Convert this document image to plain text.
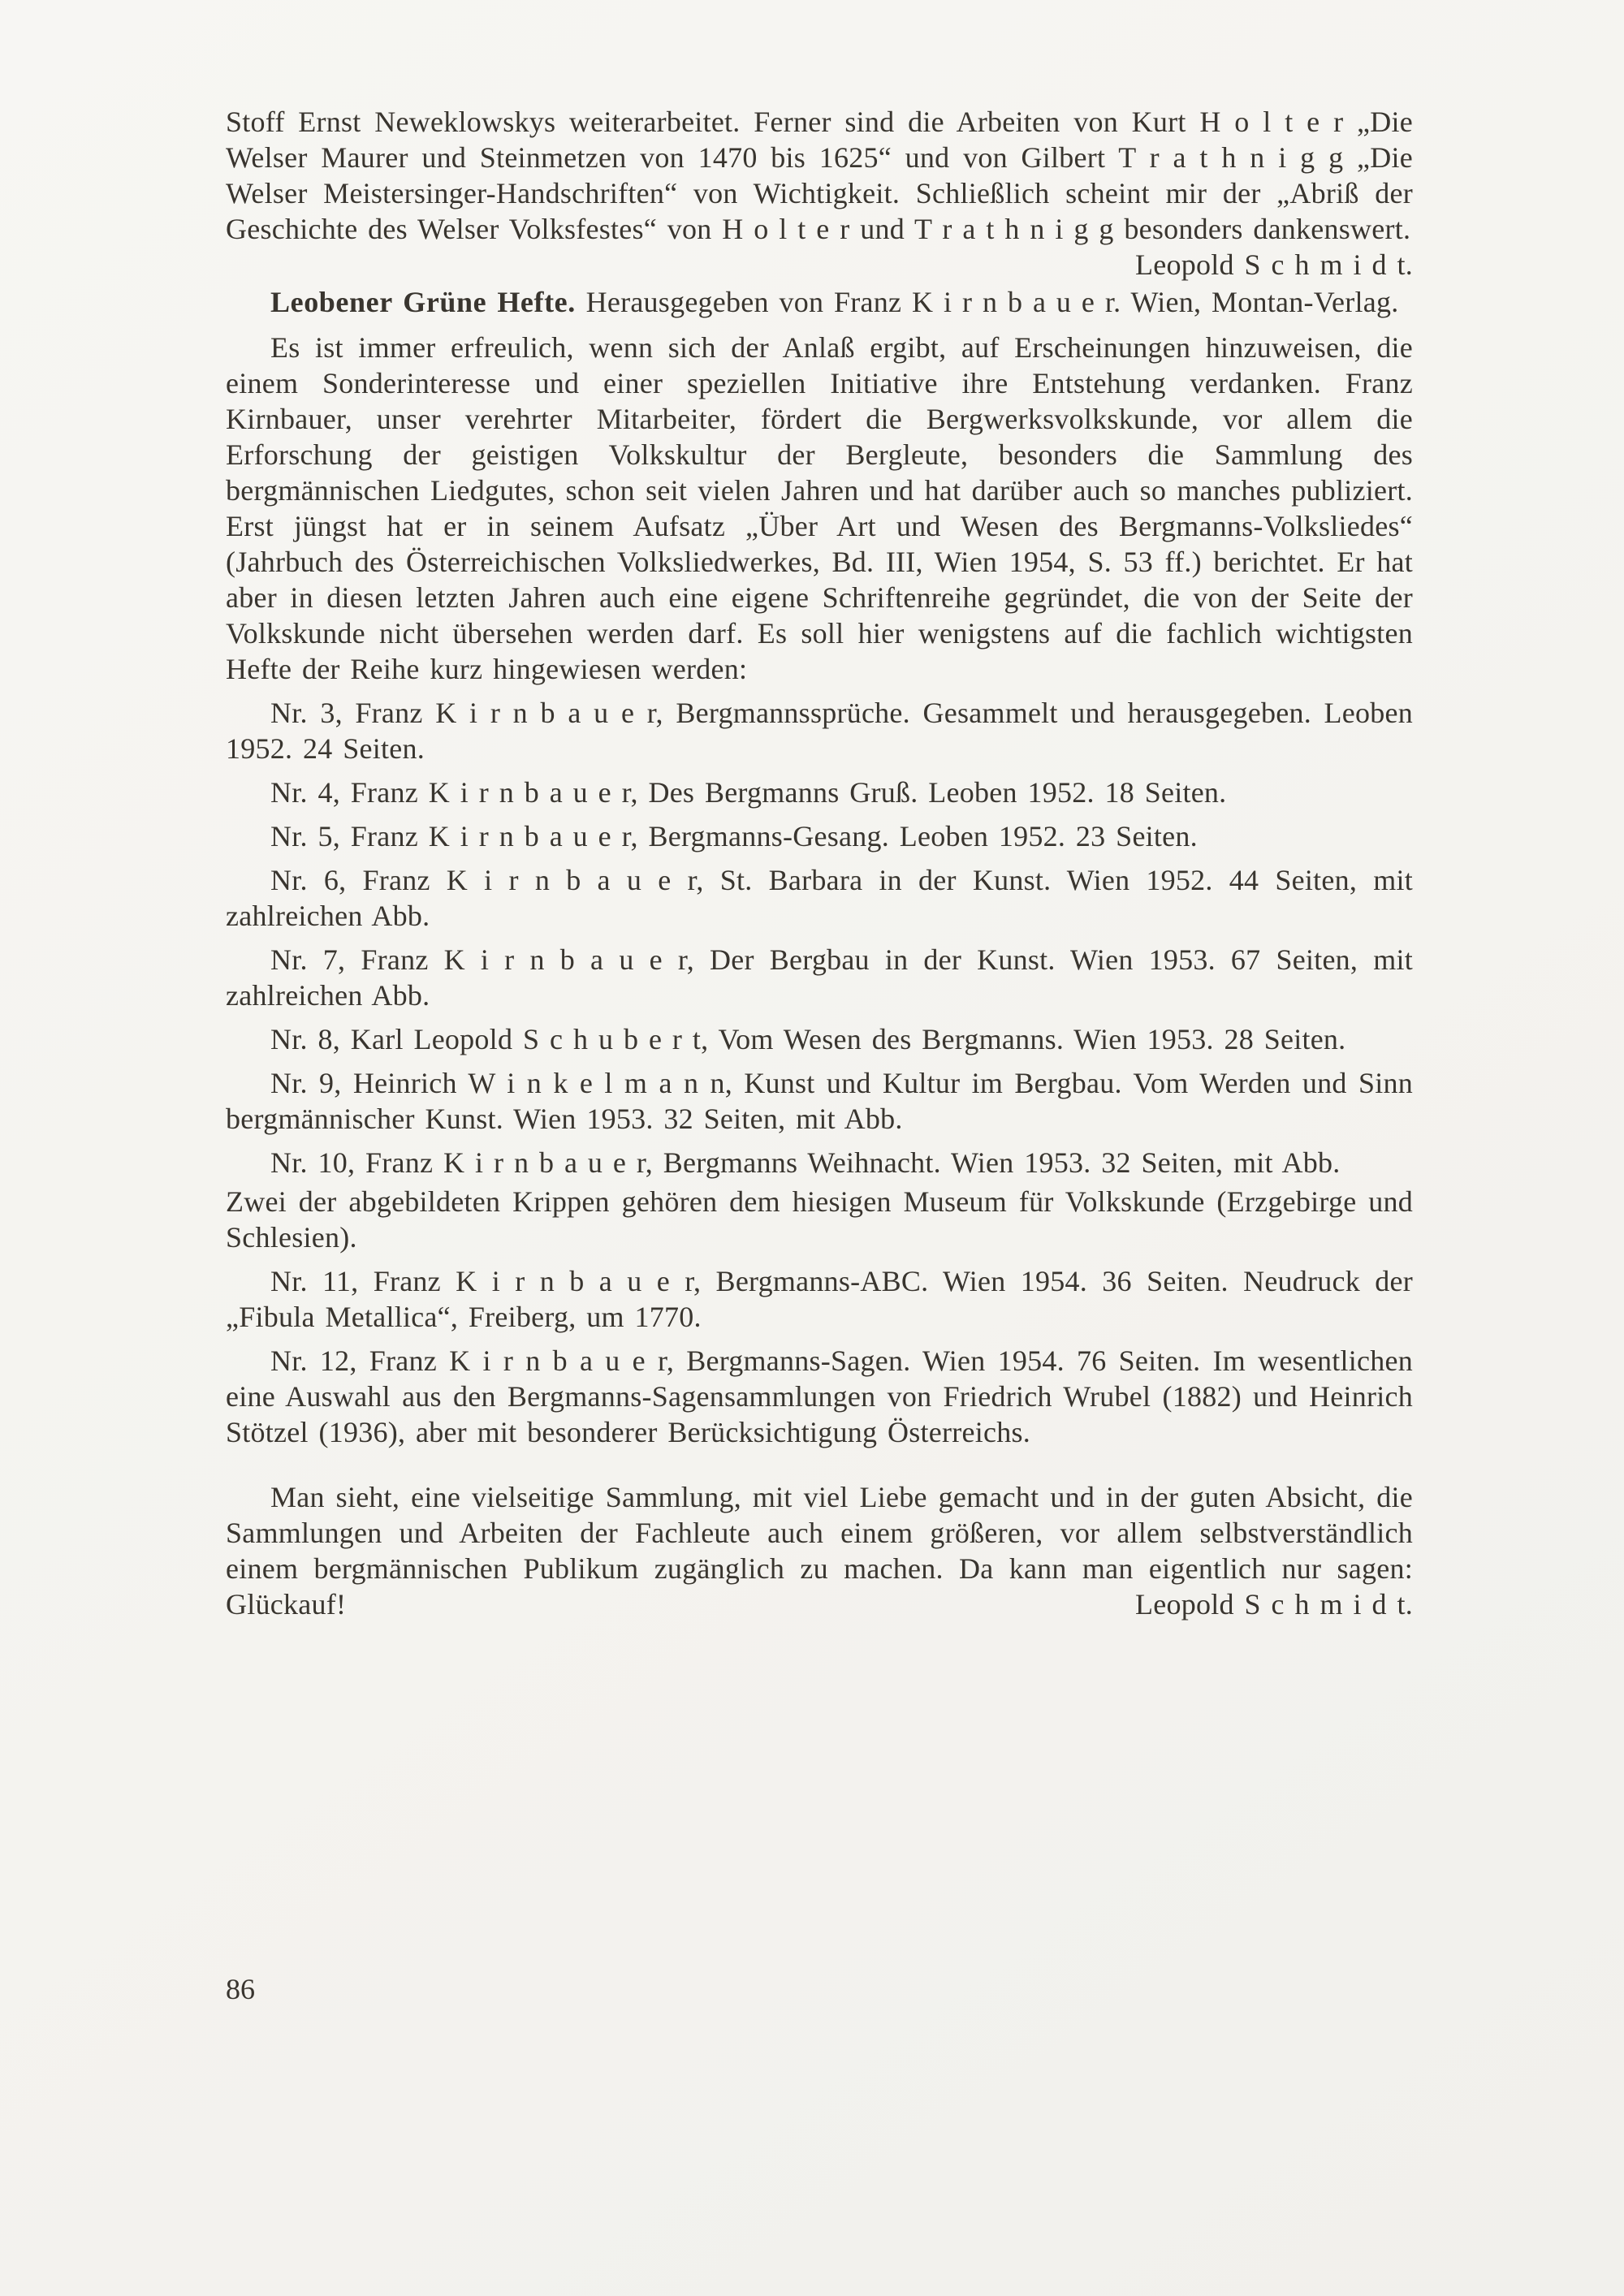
Stoff Ernst Neweklowskys weiterarbeitet. Ferner sind die Arbeiten von Kurt H o l t e r „Die Welser Maurer und Steinmetzen von 1470 bis 1625“ und von Gilbert T r a t h n i g g „Die Welser Meistersinger-Handschriften“ von Wichtigkeit. Schließlich scheint mir der „Abriß der Geschichte des Welser Volksfestes“ von H o l t e r und T r a t h n i g g besonders dankenswert.
Leopold S c h m i d t.

Leobener Grüne Hefte. Herausgegeben von Franz K i r n b a u e r. Wien, Montan-Verlag.

Es ist immer erfreulich, wenn sich der Anlaß ergibt, auf Erscheinungen hinzuweisen, die einem Sonderinteresse und einer speziellen Initiative ihre Entstehung verdanken. Franz Kirnbauer, unser verehrter Mitarbeiter, fördert die Bergwerksvolkskunde, vor allem die Erforschung der geistigen Volkskultur der Bergleute, besonders die Sammlung des bergmännischen Liedgutes, schon seit vielen Jahren und hat darüber auch so manches publiziert. Erst jüngst hat er in seinem Aufsatz „Über Art und Wesen des Bergmanns-Volksliedes“ (Jahrbuch des Österreichischen Volksliedwerkes, Bd. III, Wien 1954, S. 53 ff.) berichtet. Er hat aber in diesen letzten Jahren auch eine eigene Schriftenreihe gegründet, die von der Seite der Volkskunde nicht übersehen werden darf. Es soll hier wenigstens auf die fachlich wichtigsten Hefte der Reihe kurz hingewiesen werden:

Nr. 3, Franz K i r n b a u e r, Bergmannssprüche. Gesammelt und herausgegeben. Leoben 1952. 24 Seiten.

Nr. 4, Franz K i r n b a u e r, Des Bergmanns Gruß. Leoben 1952. 18 Seiten.

Nr. 5, Franz K i r n b a u e r, Bergmanns-Gesang. Leoben 1952. 23 Seiten.

Nr. 6, Franz K i r n b a u e r, St. Barbara in der Kunst. Wien 1952. 44 Seiten, mit zahlreichen Abb.

Nr. 7, Franz K i r n b a u e r, Der Bergbau in der Kunst. Wien 1953. 67 Seiten, mit zahlreichen Abb.

Nr. 8, Karl Leopold S c h u b e r t, Vom Wesen des Bergmanns. Wien 1953. 28 Seiten.

Nr. 9, Heinrich W i n k e l m a n n, Kunst und Kultur im Bergbau. Vom Werden und Sinn bergmännischer Kunst. Wien 1953. 32 Seiten, mit Abb.

Nr. 10, Franz K i r n b a u e r, Bergmanns Weihnacht. Wien 1953. 32 Seiten, mit Abb.

Zwei der abgebildeten Krippen gehören dem hiesigen Museum für Volkskunde (Erzgebirge und Schlesien).

Nr. 11, Franz K i r n b a u e r, Bergmanns-ABC. Wien 1954. 36 Seiten. Neudruck der „Fibula Metallica“, Freiberg, um 1770.

Nr. 12, Franz K i r n b a u e r, Bergmanns-Sagen. Wien 1954. 76 Seiten. Im wesentlichen eine Auswahl aus den Bergmanns-Sagensammlungen von Friedrich Wrubel (1882) und Heinrich Stötzel (1936), aber mit besonderer Berücksichtigung Österreichs.

Man sieht, eine vielseitige Sammlung, mit viel Liebe gemacht und in der guten Absicht, die Sammlungen und Arbeiten der Fachleute auch einem größeren, vor allem selbstverständlich einem bergmännischen Publikum zugänglich zu machen. Da kann man eigentlich nur sagen: Glückauf!	Leopold S c h m i d t.

86
